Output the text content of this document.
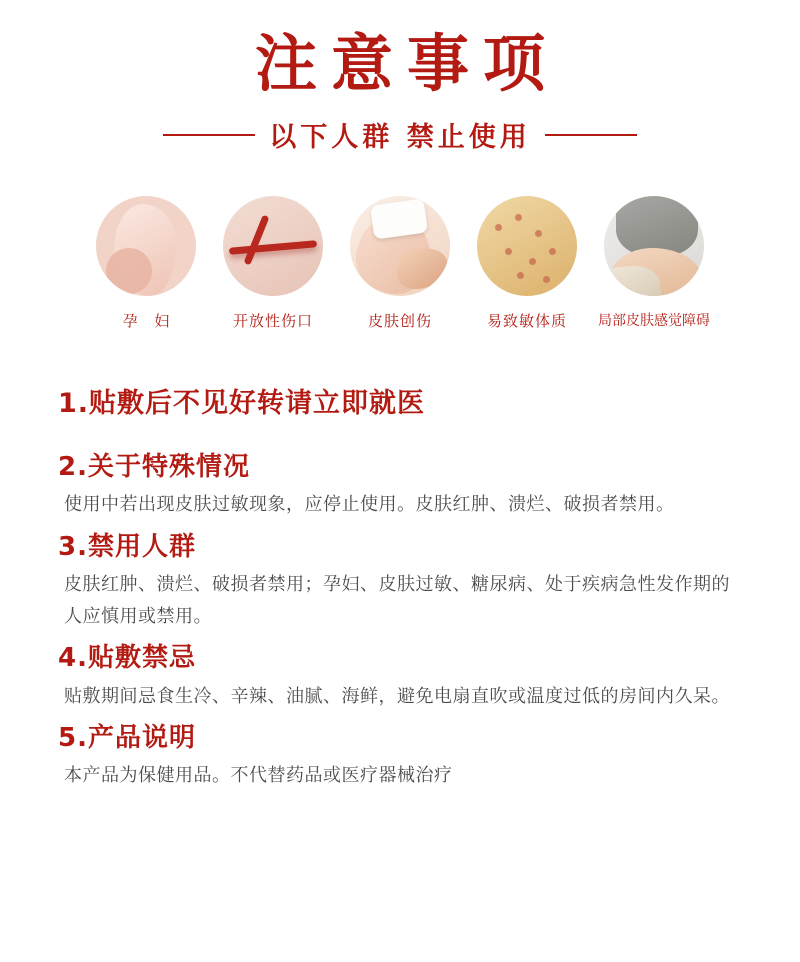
注意事项
以下人群 禁止使用
孕 妇	开放性伤口	皮肤创伤	易致敏体质 局部皮肤感觉障碍
1.贴敷后不见好转请立即就医
2.关于特殊情况
使用中若出现皮肤过敏现象，应停止使用。皮肤红肿、溃烂、破损者禁用。
3.禁用人群
皮肤红肿、溃烂、破损者禁用；孕妇、皮肤过敏、糖尿病、处于疾病急性发作期的人应慎用或禁用。
4.贴敷禁忌
贴敷期间忌食生冷、辛辣、油腻、海鲜，避免电扇直吹或温度过低的房间内久呆。
5.产品说明
本产品为保健用品。不代替药品或医疗器械治疗
